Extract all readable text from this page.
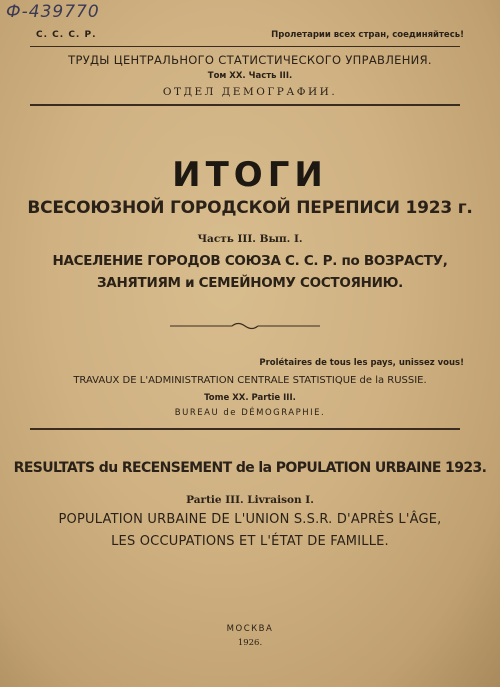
Ф-439770
С. С. С. Р.	Пролетарии всех стран, соединяйтесь!
ТРУДЫ ЦЕНТРАЛЬНОГО СТАТИСТИЧЕСКОГО УПРАВЛЕНИЯ.
Том XX. Часть III.
ОТДЕЛ ДЕМОГРАФИИ.
ИТОГИ
ВСЕСОЮЗНОЙ ГОРОДСКОЙ ПЕРЕПИСИ 1923 г.
Часть III. Вып. I.
НАСЕЛЕНИЕ ГОРОДОВ СОЮЗА С. С. Р. по ВОЗРАСТУ,
ЗАНЯТИЯМ и СЕМЕЙНОМУ СОСТОЯНИЮ.
Prolétaires de tous les pays, unissez vous!
TRAVAUX DE L'ADMINISTRATION CENTRALE STATISTIQUE de la RUSSIE.
Tome XX. Partie III.
BUREAU de DÉMOGRAPHIE.
RESULTATS du RECENSEMENT de la POPULATION URBAINE 1923.
Partie III. Livraison I.
POPULATION URBAINE DE L'UNION S.S.R. D'APRÈS L'ÂGE,
LES OCCUPATIONS ET L'ÉTAT DE FAMILLE.
МОСКВА
1926.
